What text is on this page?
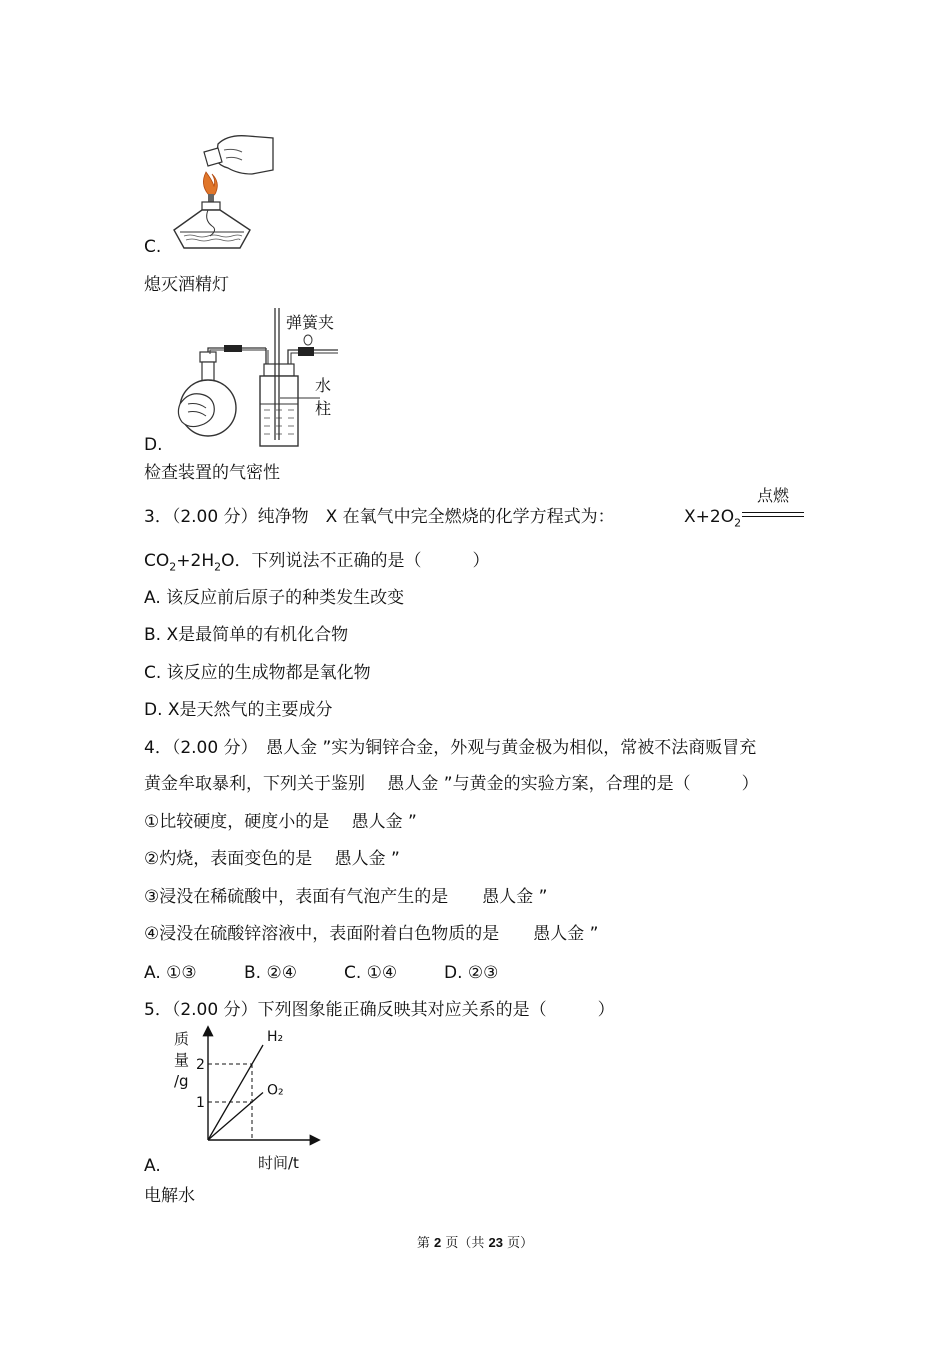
C.
熄灭酒精灯
弹簧夹
水
柱
D.
检查装置的气密性
3．（2.00 分）纯净物　X 在氧气中完全燃烧的化学方程式为：	$X+2O_2$
点燃
$CO_2+2H_2O$．下列说法不正确的是（　　　）
A. 该反应前后原子的种类发生改变
B. X是最简单的有机化合物
C. 该反应的生成物都是氧化物
D. X是天然气的主要成分
4．（2.00 分）　愚人金 ”实为铜锌合金，外观与黄金极为相似，常被不法商贩冒充
黄金牟取暴利，下列关于鉴别　 愚人金 ”与黄金的实验方案，合理的是（　　　）
①比较硬度，硬度小的是　 愚人金 ”
②灼烧，表面变色的是　 愚人金 ”
③浸没在稀硫酸中，表面有气泡产生的是　　愚人金 ”
④浸没在硫酸锌溶液中，表面附着白色物质的是　　愚人金 ”
A. ①③	B. ②④	C. ①④	D. ②③
5．（2.00 分）下列图象能正确反映其对应关系的是（　　　）
质
量
/g
时间/t
2
1
H₂
O₂
A.
电解水
第 2 页（共 23 页）
